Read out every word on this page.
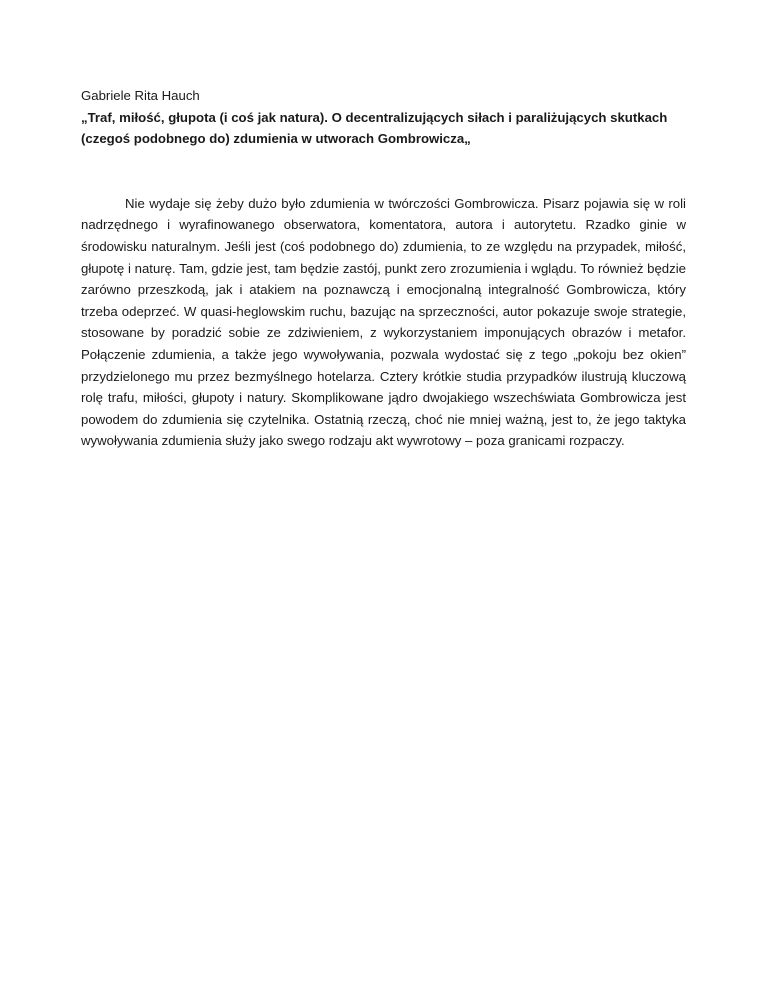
Gabriele Rita Hauch

„Traf, miłość, głupota (i coś jak natura). O decentralizujących siłach i paraliżujących skutkach (czegoś podobnego do) zdumienia w utworach Gombrowicza„

Nie wydaje się żeby dużo było zdumienia w twórczości Gombrowicza. Pisarz pojawia się w roli nadrzędnego i wyrafinowanego obserwatora, komentatora, autora i autorytetu. Rzadko ginie w środowisku naturalnym. Jeśli jest (coś podobnego do) zdumienia, to ze względu na przypadek, miłość, głupotę i naturę. Tam, gdzie jest, tam będzie zastój, punkt zero zrozumienia i wglądu. To również będzie zarówno przeszkodą, jak i atakiem na poznawczą i emocjonalną integralność Gombrowicza, który trzeba odeprzeć. W quasi-heglowskim ruchu, bazując na sprzeczności, autor pokazuje swoje strategie, stosowane by poradzić sobie ze zdziwieniem, z wykorzystaniem imponujących obrazów i metafor. Połączenie zdumienia, a także jego wywoływania, pozwala wydostać się z tego „pokoju bez okien” przydzielonego mu przez bezmyślnego hotelarza. Cztery krótkie studia przypadków ilustrują kluczową rolę trafu, miłości, głupoty i natury. Skomplikowane jądro dwojakiego wszechświata Gombrowicza jest powodem do zdumienia się czytelnika. Ostatnią rzeczą, choć nie mniej ważną, jest to, że jego taktyka wywoływania zdumienia służy jako swego rodzaju akt wywrotowy – poza granicami rozpaczy.
